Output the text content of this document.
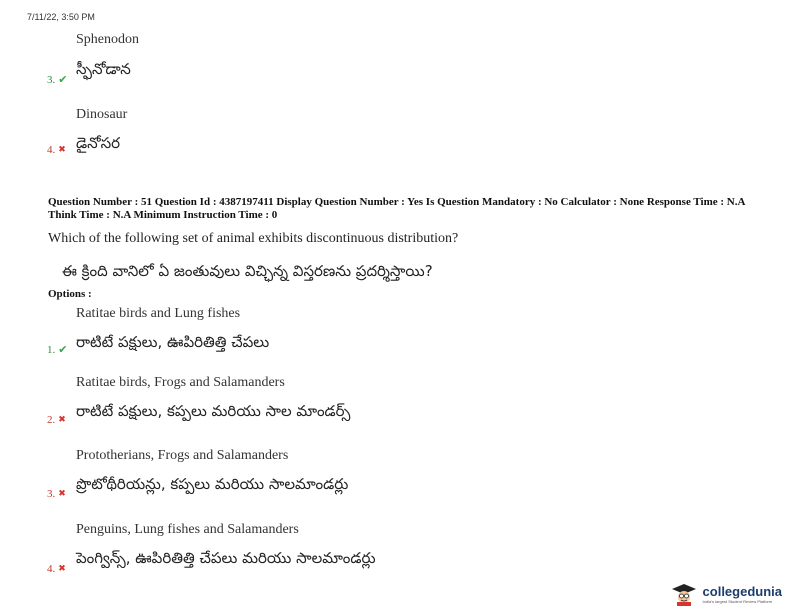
7/11/22, 3:50 PM
Sphenodon
స్ఫీనోడాన
3. ✔
Dinosaur
డైనోసర
4. ✖
Question Number : 51 Question Id : 4387197411 Display Question Number : Yes Is Question Mandatory : No Calculator : None Response Time : N.A Think Time : N.A Minimum Instruction Time : 0
Which of the following set of animal exhibits discontinuous distribution?
ఈ క్రింది వానిలో ఏ జంతువులు విచ్ఛిన్న విస్తరణను ప్రదర్శిస్తాయి?
Options :
Ratitae birds and Lung fishes
రాటిటే పక్షులు, ఊపిరితిత్తి చేపలు
1. ✔
Ratitae birds, Frogs and Salamanders
రాటిటే పక్షులు, కప్పలు మరియు సాల మాండర్స్
2. ✖
Prototherians, Frogs and Salamanders
ప్రొటోథీరియన్లు, కప్పలు మరియు సాలమాండర్లు
3. ✖
Penguins, Lung fishes and Salamanders
పెంగ్విన్స్, ఊపిరితిత్తి చేపలు మరియు సాలమాండర్లు
4. ✖
collegedunia
India's largest Student Review Platform
